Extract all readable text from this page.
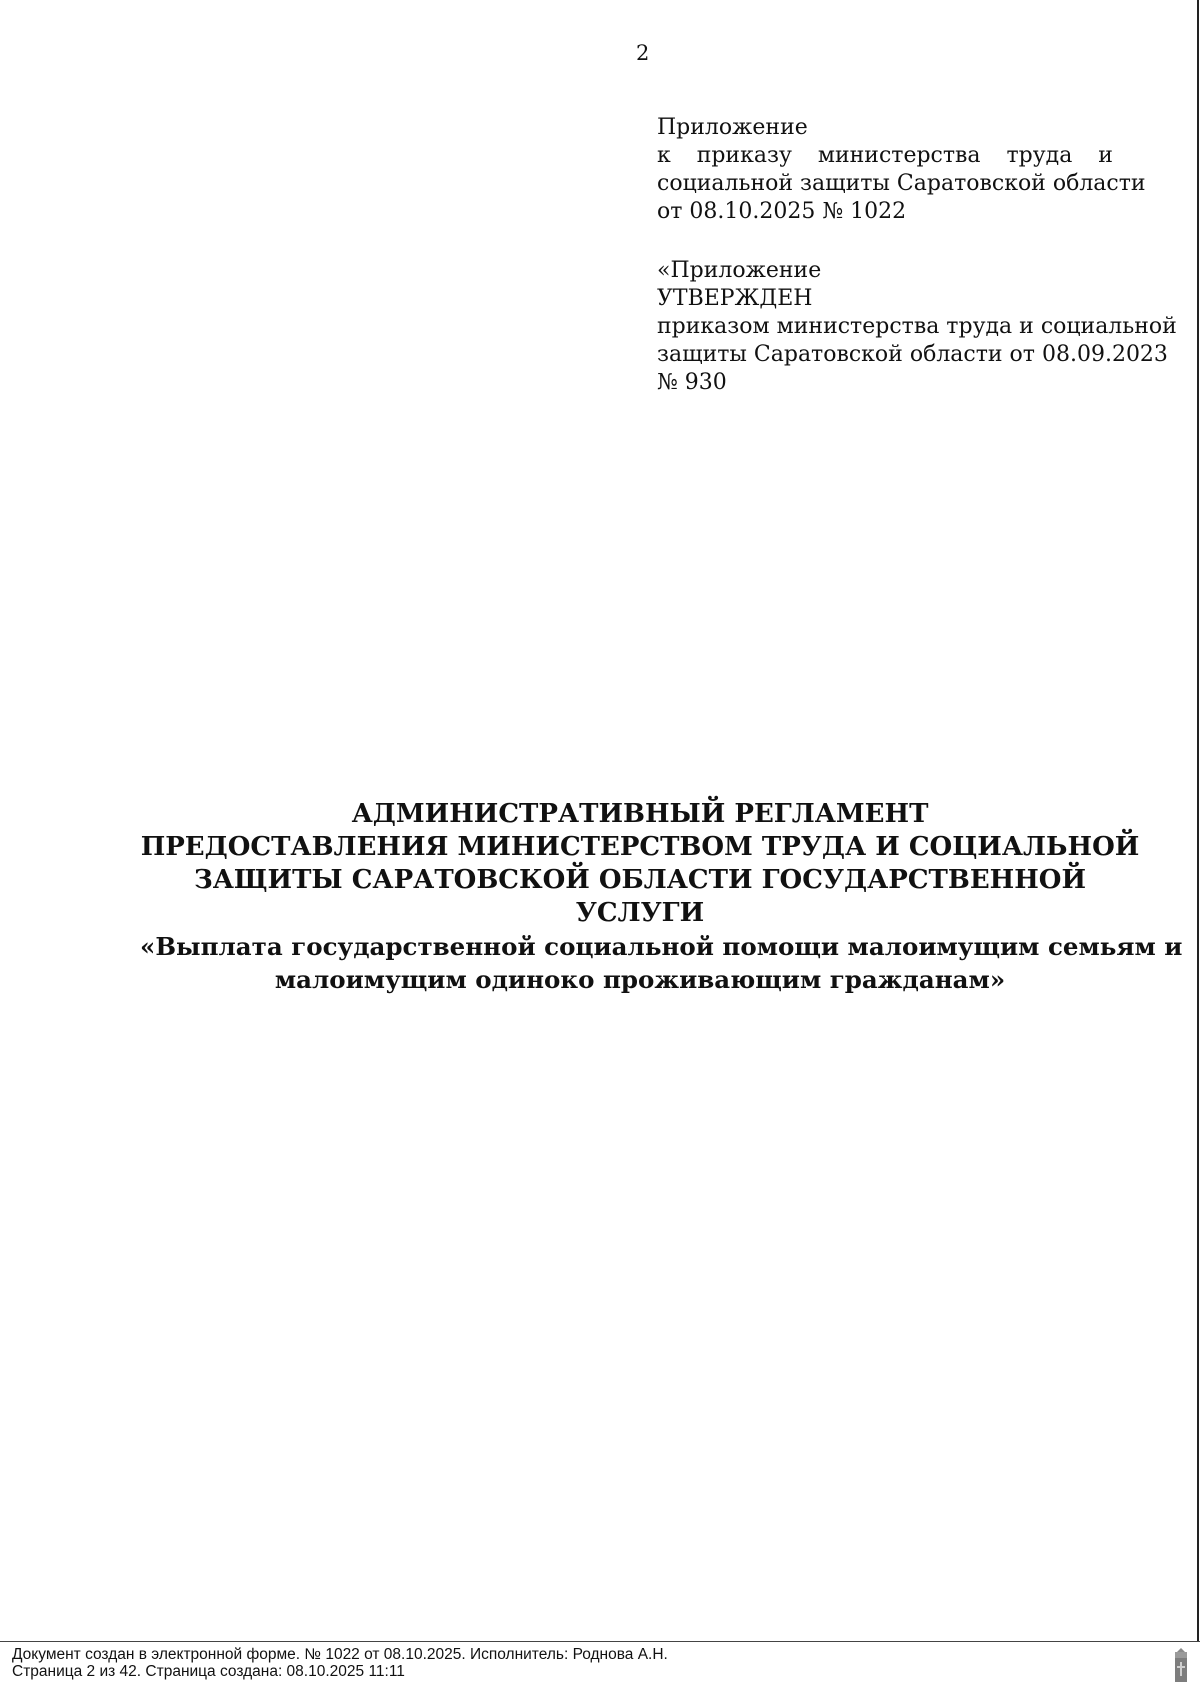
2
Приложение
к приказу министерства труда и
социальной защиты Саратовской области
от 08.10.2025 № 1022
«Приложение
УТВЕРЖДЕН
приказом министерства труда и социальной
защиты Саратовской области от 08.09.2023
№ 930
АДМИНИСТРАТИВНЫЙ РЕГЛАМЕНТ
ПРЕДОСТАВЛЕНИЯ МИНИСТЕРСТВОМ ТРУДА И СОЦИАЛЬНОЙ
ЗАЩИТЫ САРАТОВСКОЙ ОБЛАСТИ ГОСУДАРСТВЕННОЙ
УСЛУГИ
«Выплата государственной социальной помощи малоимущим семьям и
малоимущим одиноко проживающим гражданам»
Документ создан в электронной форме. № 1022 от 08.10.2025. Исполнитель: Роднова А.Н.
Страница 2 из 42. Страница создана: 08.10.2025 11:11
